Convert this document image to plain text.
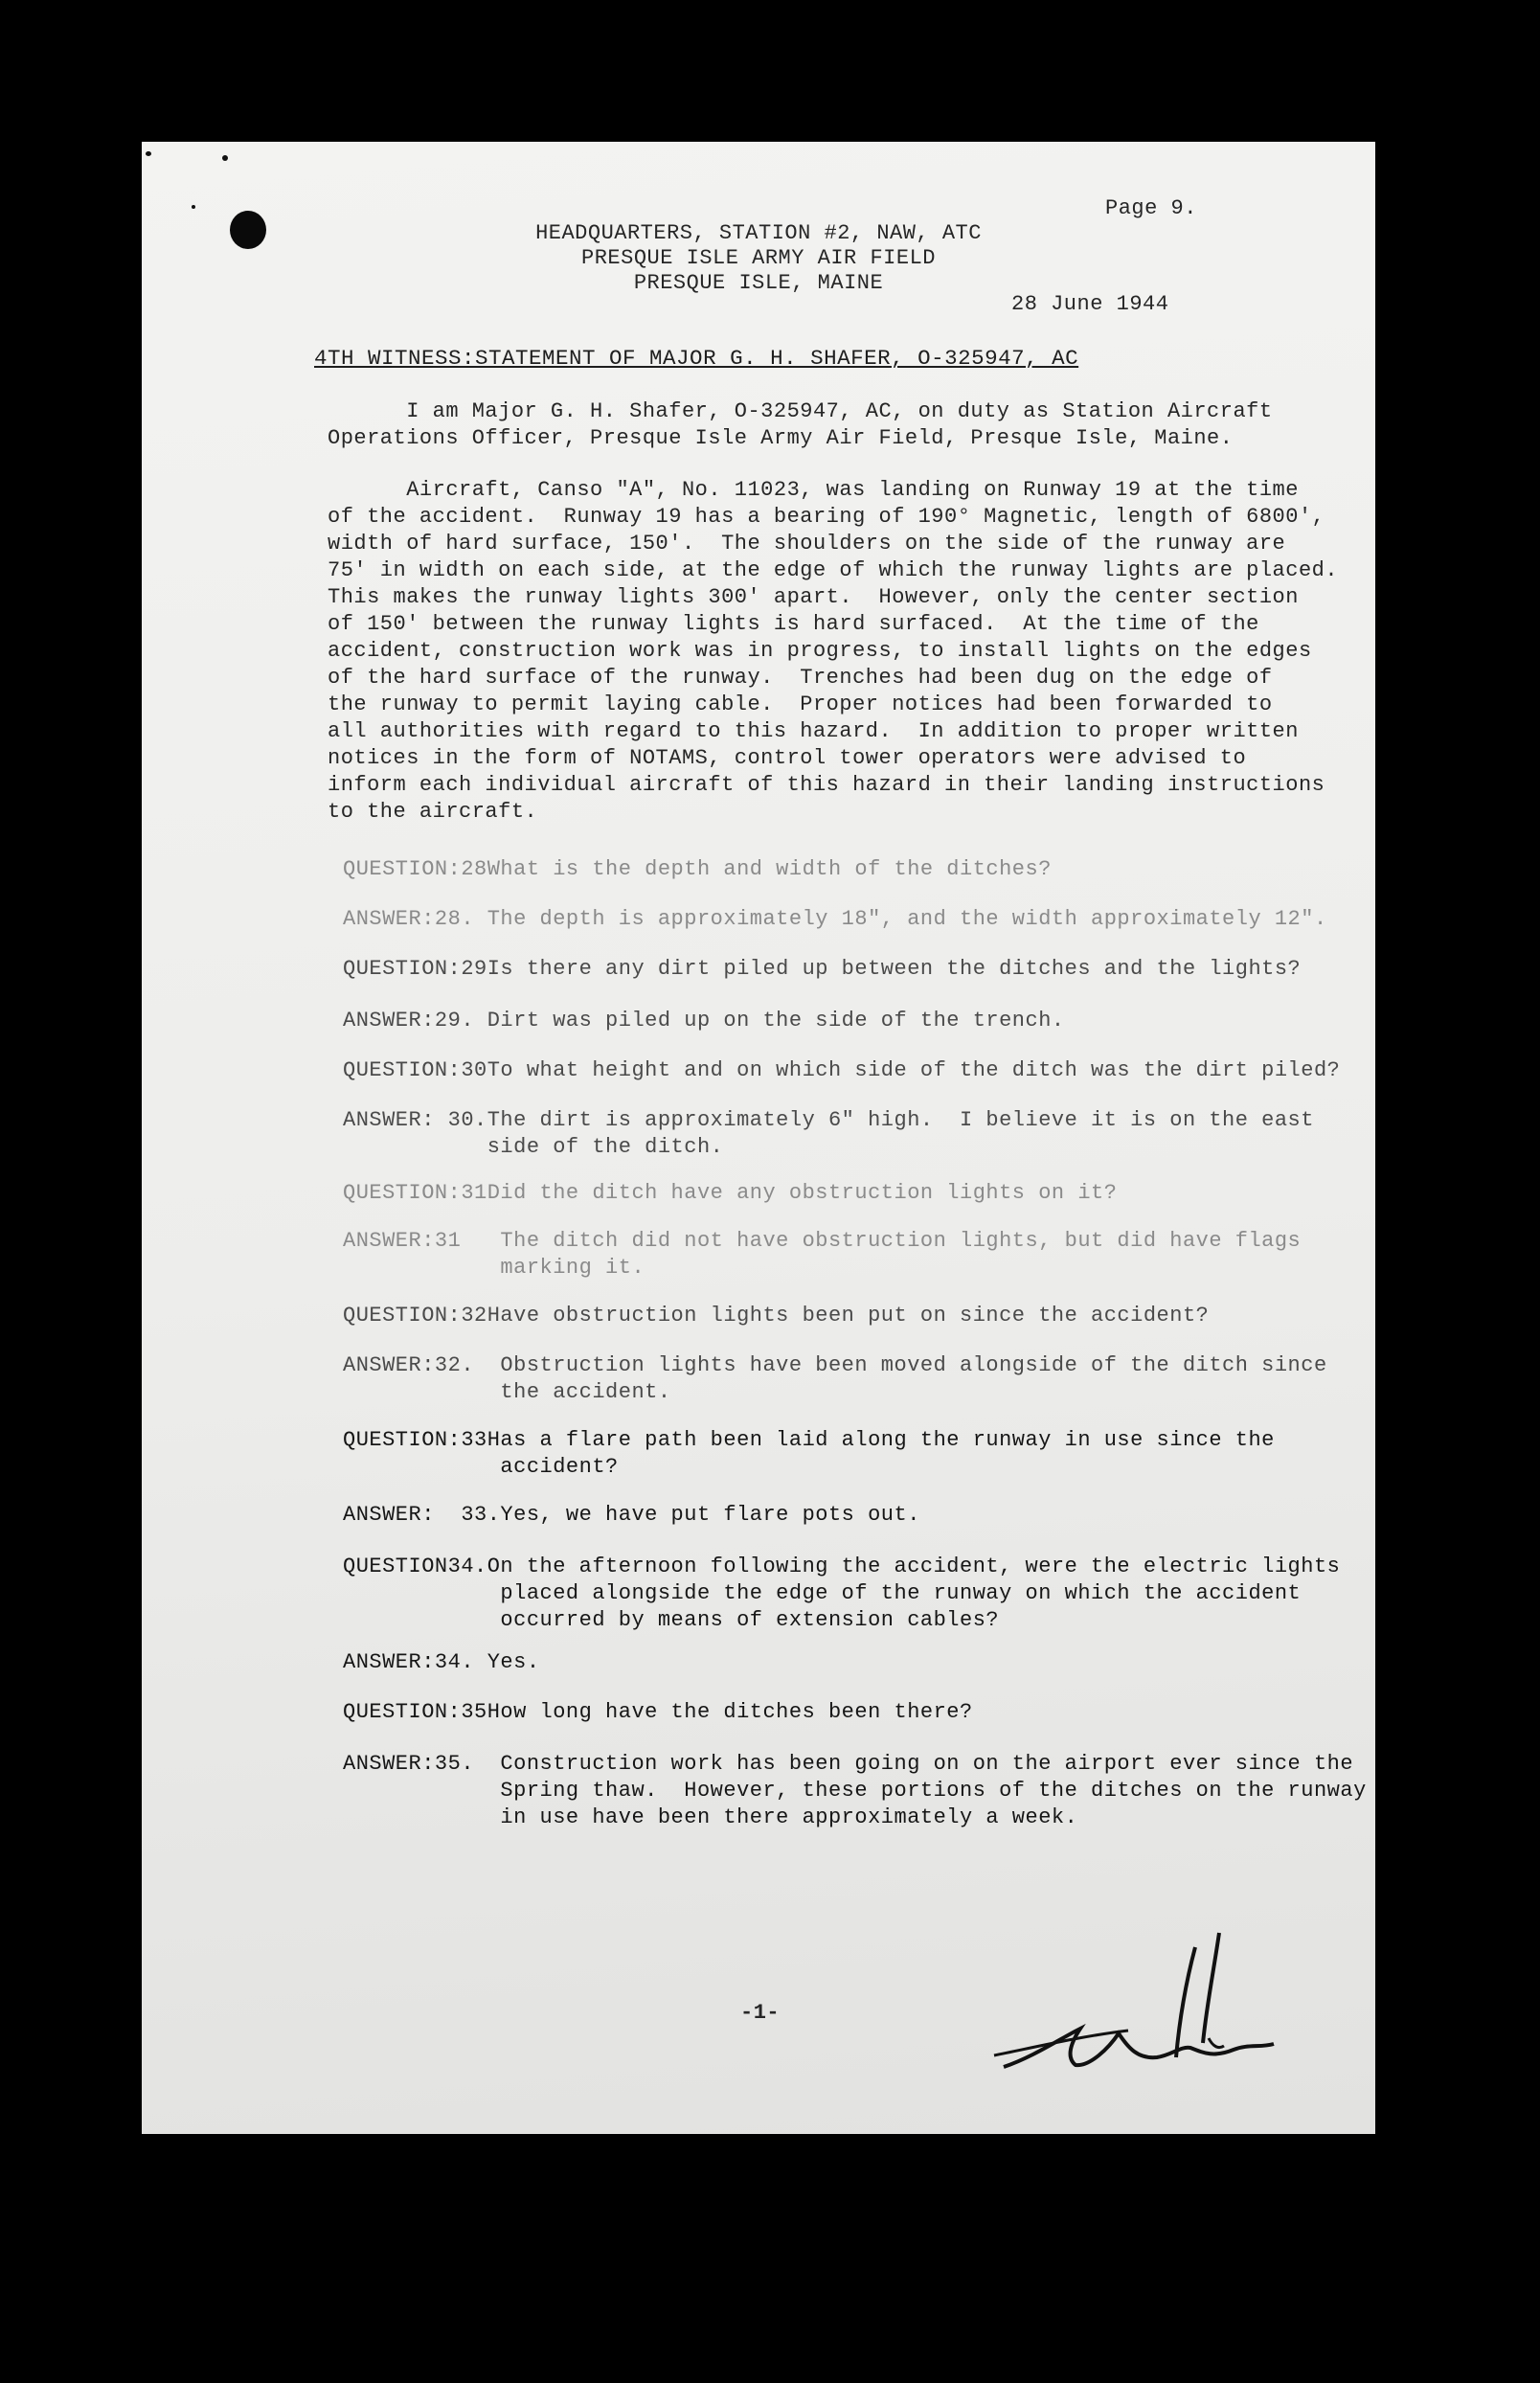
Page 9.
HEADQUARTERS, STATION #2, NAW, ATC
PRESQUE ISLE ARMY AIR FIELD
PRESQUE ISLE, MAINE
28 June 1944
4TH WITNESS:STATEMENT OF MAJOR G. H. SHAFER, O-325947, AC
I am Major G. H. Shafer, O-325947, AC, on duty as Station Aircraft
Operations Officer, Presque Isle Army Air Field, Presque Isle, Maine.
Aircraft, Canso "A", No. 11023, was landing on Runway 19 at the time
of the accident.  Runway 19 has a bearing of 190° Magnetic, length of 6800',
width of hard surface, 150'.  The shoulders on the side of the runway are
75' in width on each side, at the edge of which the runway lights are placed.
This makes the runway lights 300' apart.  However, only the center section
of 150' between the runway lights is hard surfaced.  At the time of the
accident, construction work was in progress, to install lights on the edges
of the hard surface of the runway.  Trenches had been dug on the edge of
the runway to permit laying cable.  Proper notices had been forwarded to
all authorities with regard to this hazard.  In addition to proper written
notices in the form of NOTAMS, control tower operators were advised to
inform each individual aircraft of this hazard in their landing instructions
to the aircraft.
QUESTION:28What is the depth and width of the ditches?
ANSWER:28. The depth is approximately 18", and the width approximately 12".
QUESTION:29Is there any dirt piled up between the ditches and the lights?
ANSWER:29. Dirt was piled up on the side of the trench.
QUESTION:30To what height and on which side of the ditch was the dirt piled?
ANSWER: 30.The dirt is approximately 6" high.  I believe it is on the east
side of the ditch.
QUESTION:31Did the ditch have any obstruction lights on it?
ANSWER:31   The ditch did not have obstruction lights, but did have flags
marking it.
QUESTION:32Have obstruction lights been put on since the accident?
ANSWER:32.  Obstruction lights have been moved alongside of the ditch since
the accident.
QUESTION:33Has a flare path been laid along the runway in use since the
accident?
ANSWER:  33.Yes, we have put flare pots out.
QUESTION34.On the afternoon following the accident, were the electric lights
placed alongside the edge of the runway on which the accident
occurred by means of extension cables?
ANSWER:34. Yes.
QUESTION:35How long have the ditches been there?
ANSWER:35.  Construction work has been going on on the airport ever since the
Spring thaw.  However, these portions of the ditches on the runway
in use have been there approximately a week.
-1-
